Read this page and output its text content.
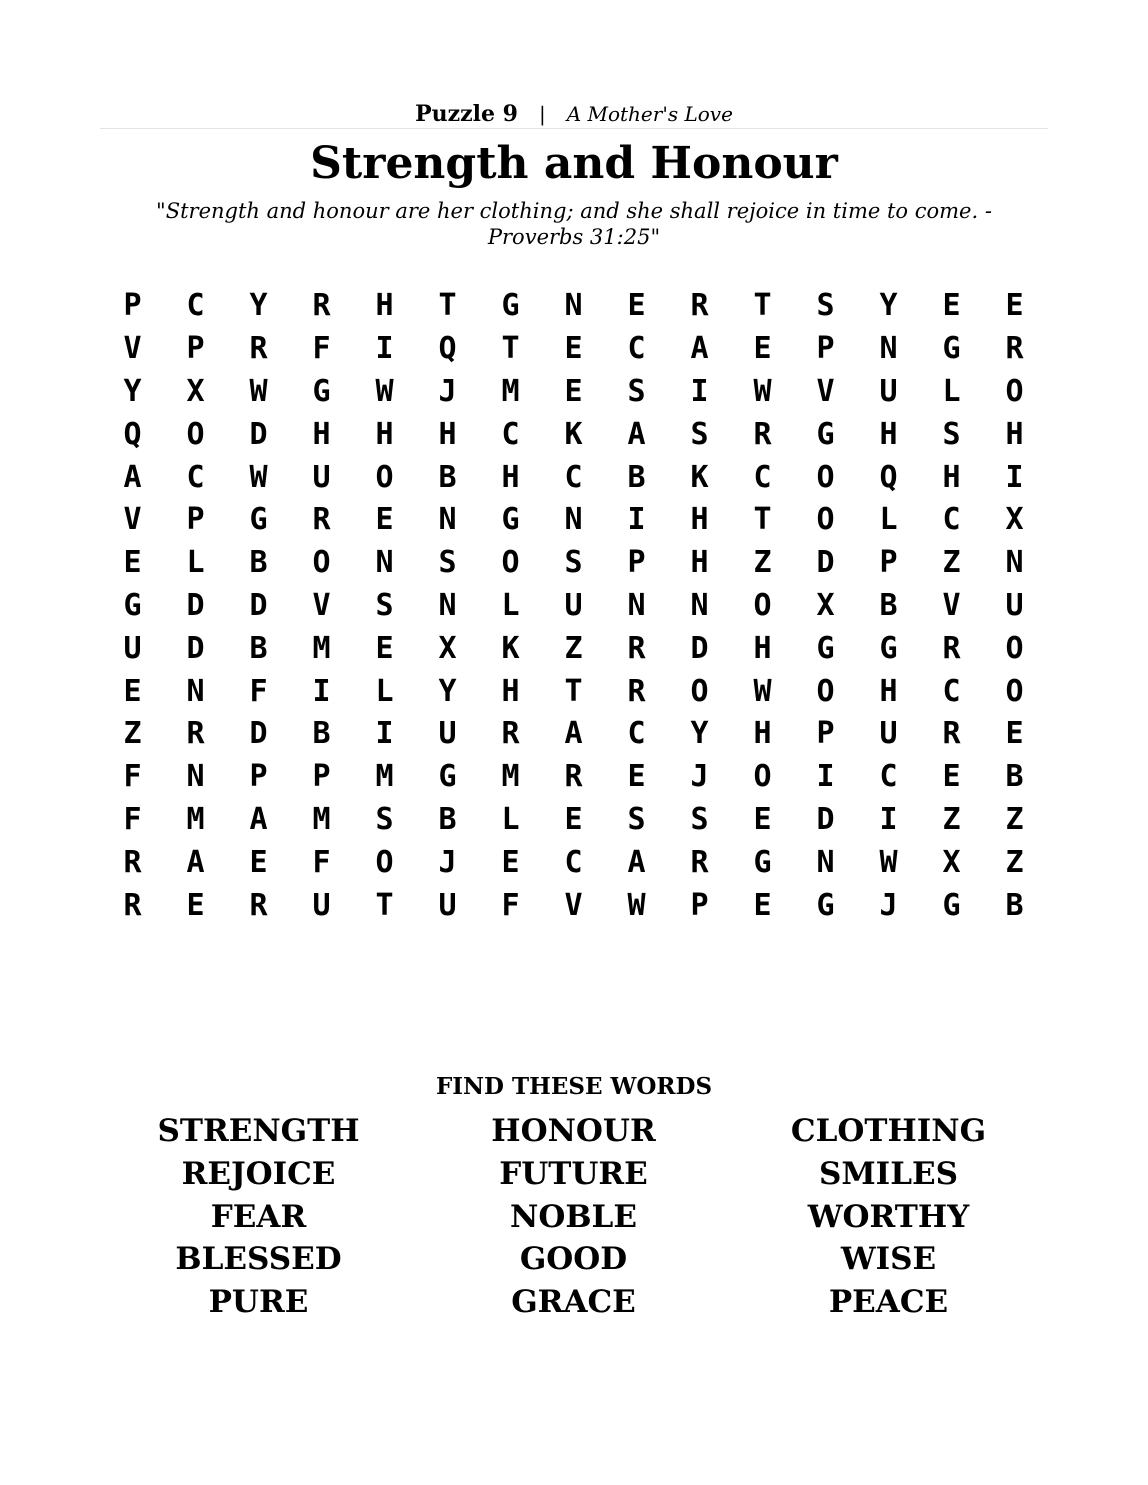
Puzzle 9 | A Mother's Love
Strength and Honour
"Strength and honour are her clothing; and she shall rejoice in time to come. -
Proverbs 31:25"
P	C	Y	R	H	T	G	N	E	R	T	S	Y	E	E
V	P	R	F	I	Q	T	E	C	A	E	P	N	G	R
Y	X	W	G	W	J	M	E	S	I	W	V	U	L	O
Q	O	D	H	H	H	C	K	A	S	R	G	H	S	H
A	C	W	U	O	B	H	C	B	K	C	O	Q	H	I
V	P	G	R	E	N	G	N	I	H	T	O	L	C	X
E	L	B	O	N	S	O	S	P	H	Z	D	P	Z	N
G	D	D	V	S	N	L	U	N	N	O	X	B	V	U
U	D	B	M	E	X	K	Z	R	D	H	G	G	R	O
E	N	F	I	L	Y	H	T	R	O	W	O	H	C	O
Z	R	D	B	I	U	R	A	C	Y	H	P	U	R	E
F	N	P	P	M	G	M	R	E	J	O	I	C	E	B
F	M	A	M	S	B	L	E	S	S	E	D	I	Z	Z
R	A	E	F	O	J	E	C	A	R	G	N	W	X	Z
R	E	R	U	T	U	F	V	W	P	E	G	J	G	B
FIND THESE WORDS
STRENGTH	HONOUR	CLOTHING
REJOICE	FUTURE	SMILES
FEAR	NOBLE	WORTHY
BLESSED	GOOD	WISE
PURE	GRACE	PEACE
